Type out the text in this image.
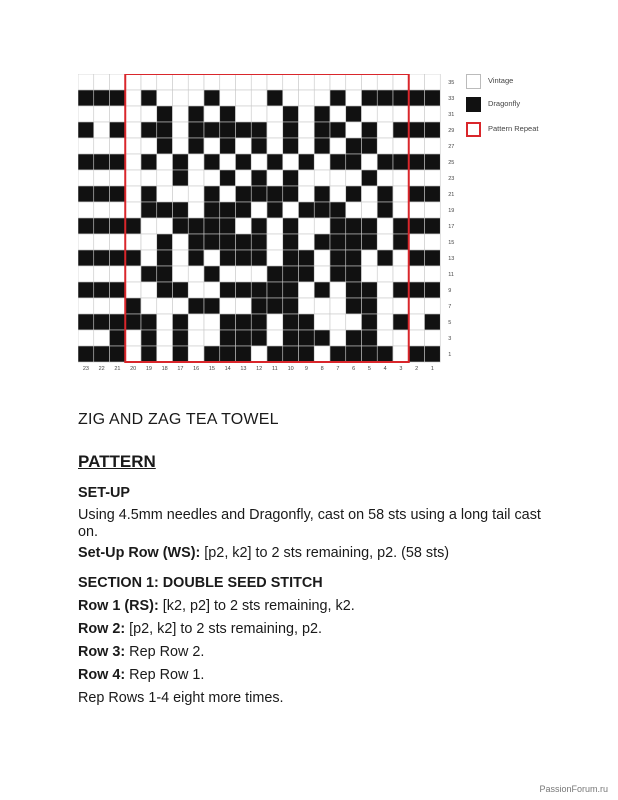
35
33
31
29
27
25
23
21
19
17
15
13
11
9
7
5
3
1
23 22 21 20 19 18 17 16 15 14 13 12 11 10 9 8 7 6 5 4 3 2 1
Vintage
Dragonfly
Pattern Repeat
ZIG AND ZAG TEA TOWEL
PATTERN
SET-UP
Using 4.5mm needles and Dragonfly, cast on 58 sts using a long tail cast on.
Set-Up Row (WS): [p2, k2] to 2 sts remaining, p2. (58 sts)
SECTION 1: DOUBLE SEED STITCH
Row 1 (RS): [k2, p2] to 2 sts remaining, k2.
Row 2: [p2, k2] to 2 sts remaining, p2.
Row 3: Rep Row 2.
Row 4: Rep Row 1.
Rep Rows 1-4 eight more times.
PassionForum.ru
